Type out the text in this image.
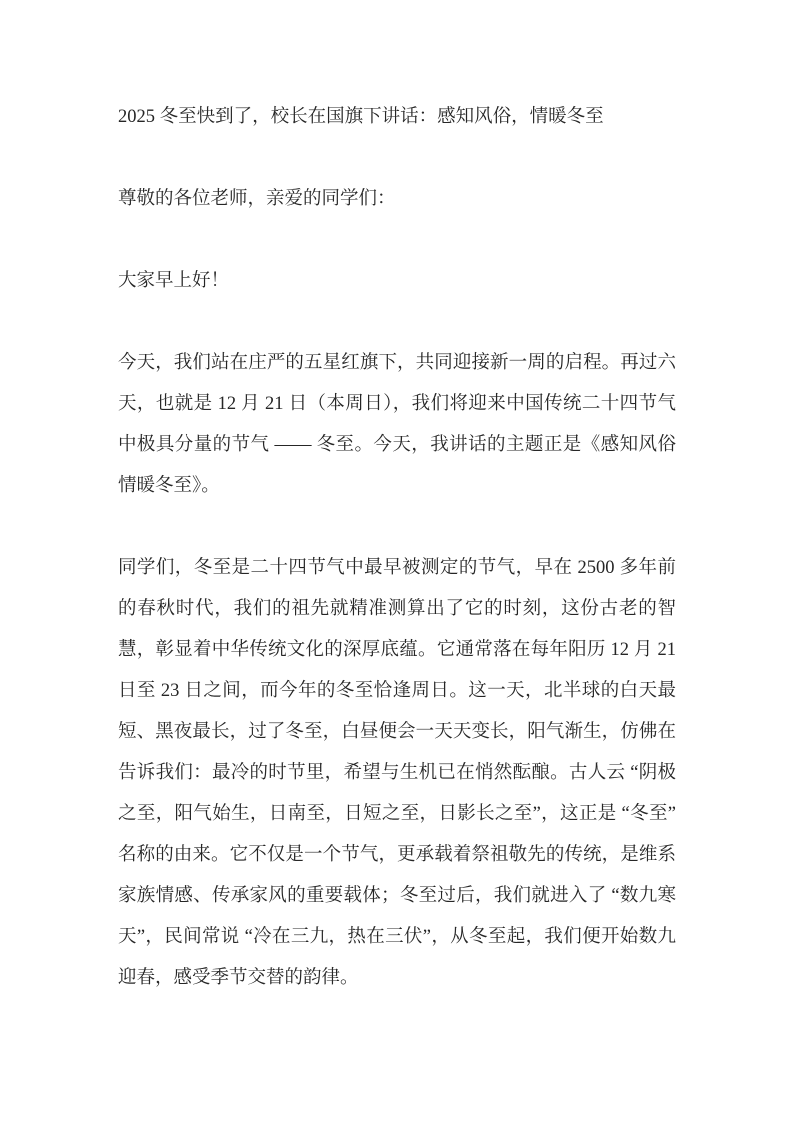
2025 冬至快到了，校长在国旗下讲话：感知风俗，情暖冬至

尊敬的各位老师，亲爱的同学们：

大家早上好！

今天，我们站在庄严的五星红旗下，共同迎接新一周的启程。再过六天，也就是 12 月 21 日（本周日），我们将迎来中国传统二十四节气中极具分量的节气 —— 冬至。今天，我讲话的主题正是《感知风俗 情暖冬至》。

同学们，冬至是二十四节气中最早被测定的节气，早在 2500 多年前的春秋时代，我们的祖先就精准测算出了它的时刻，这份古老的智慧，彰显着中华传统文化的深厚底蕴。它通常落在每年阳历 12 月 21 日至 23 日之间，而今年的冬至恰逢周日。这一天，北半球的白天最短、黑夜最长，过了冬至，白昼便会一天天变长，阳气渐生，仿佛在告诉我们：最冷的时节里，希望与生机已在悄然酝酿。古人云 “阴极之至，阳气始生，日南至，日短之至，日影长之至”，这正是 “冬至” 名称的由来。它不仅是一个节气，更承载着祭祖敬先的传统，是维系家族情感、传承家风的重要载体；冬至过后，我们就进入了 “数九寒天”，民间常说 “冷在三九，热在三伏”，从冬至起，我们便开始数九迎春，感受季节交替的韵律。
